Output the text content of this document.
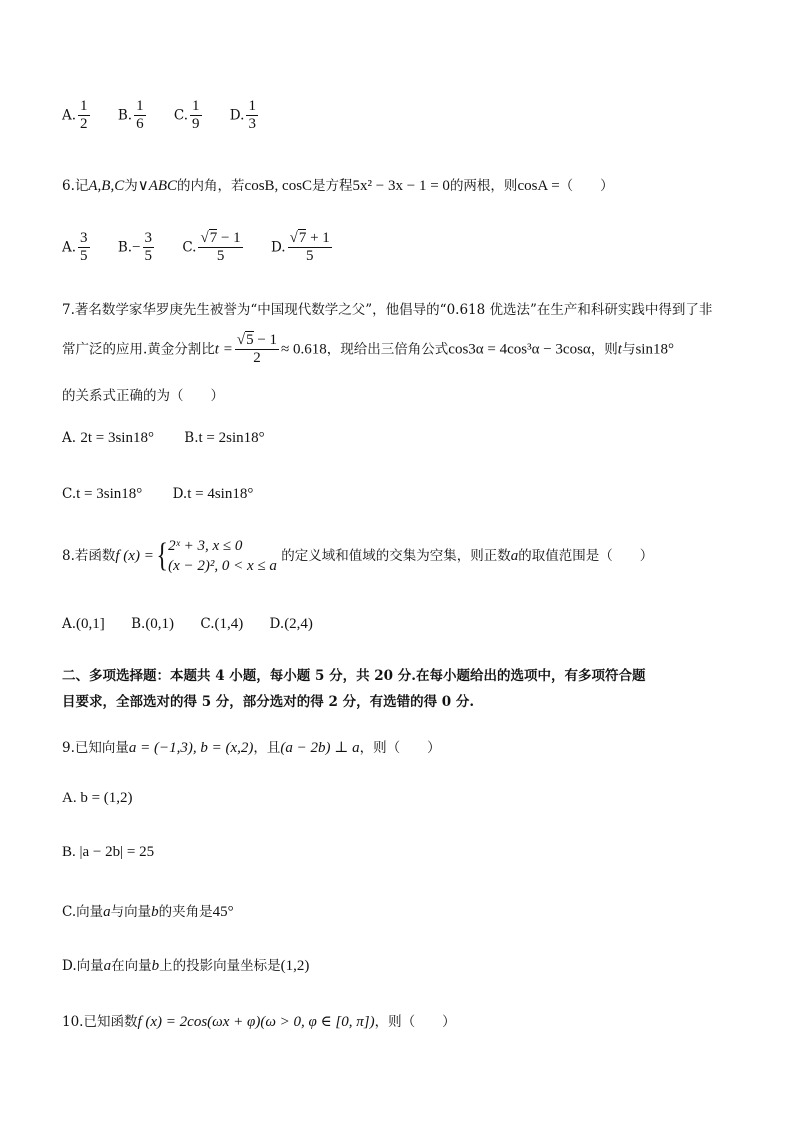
A. $\frac{1}{2} B$. $\frac{1}{6} C$. $\frac{1}{9} D$. $\frac{1}{3}$
6.记A,B,C为∨ABC的内角，若cosB, cosC是方程5x² − 3x − 1 = 0的两根，则cosA =（　　）
A. $\frac{3}{5} B.- \frac{3}{5} C$. $\frac{√7 - 1}{5} D$. $\frac{√7 + 1}{5}$
7.著名数学家华罗庚先生被誉为“中国现代数学之父”，他倡导的“0.618 优选法”在生产和科研实践中得到了非
常广泛的应用.黄金分割比$t = \frac{√5 - 1}{2} \approx 0.618$，现给出三倍角公式cos3α = 4cos³α − 3cosα，则t与sin18°
的关系式正确的为（　　）
A. 2t = 3sin18° B.t = 2sin18°
C.t = 3sin18° D.t = 4sin18°
8.若函数f (x) ={ 2ˣ + 3, x ≤ 0
(x − 2)², 0 < x ≤ a
的定义域和值域的交集为空集，则正数a的取值范围是（　　）
A.(0,1] B.(0,1) C.(1,4) D.(2,4)
二、多项选择题：本题共 4 小题，每小题 5 分，共 20 分.在每小题给出的选项中，有多项符合题
目要求，全部选对的得 5 分，部分选对的得 2 分，有选错的得 0 分.
9.已知向量a = (−1,3), b = (x,2)，且(a − 2b) ⊥ a，则（　　）
A. b = (1,2)
B. |a − 2b| = 25
C.向量a与向量b的夹角是45°
D.向量a在向量b上的投影向量坐标是(1,2)
10.已知函数f (x) = 2cos(ωx + φ)(ω > 0, φ ∈ [0, π])，则（　　）
